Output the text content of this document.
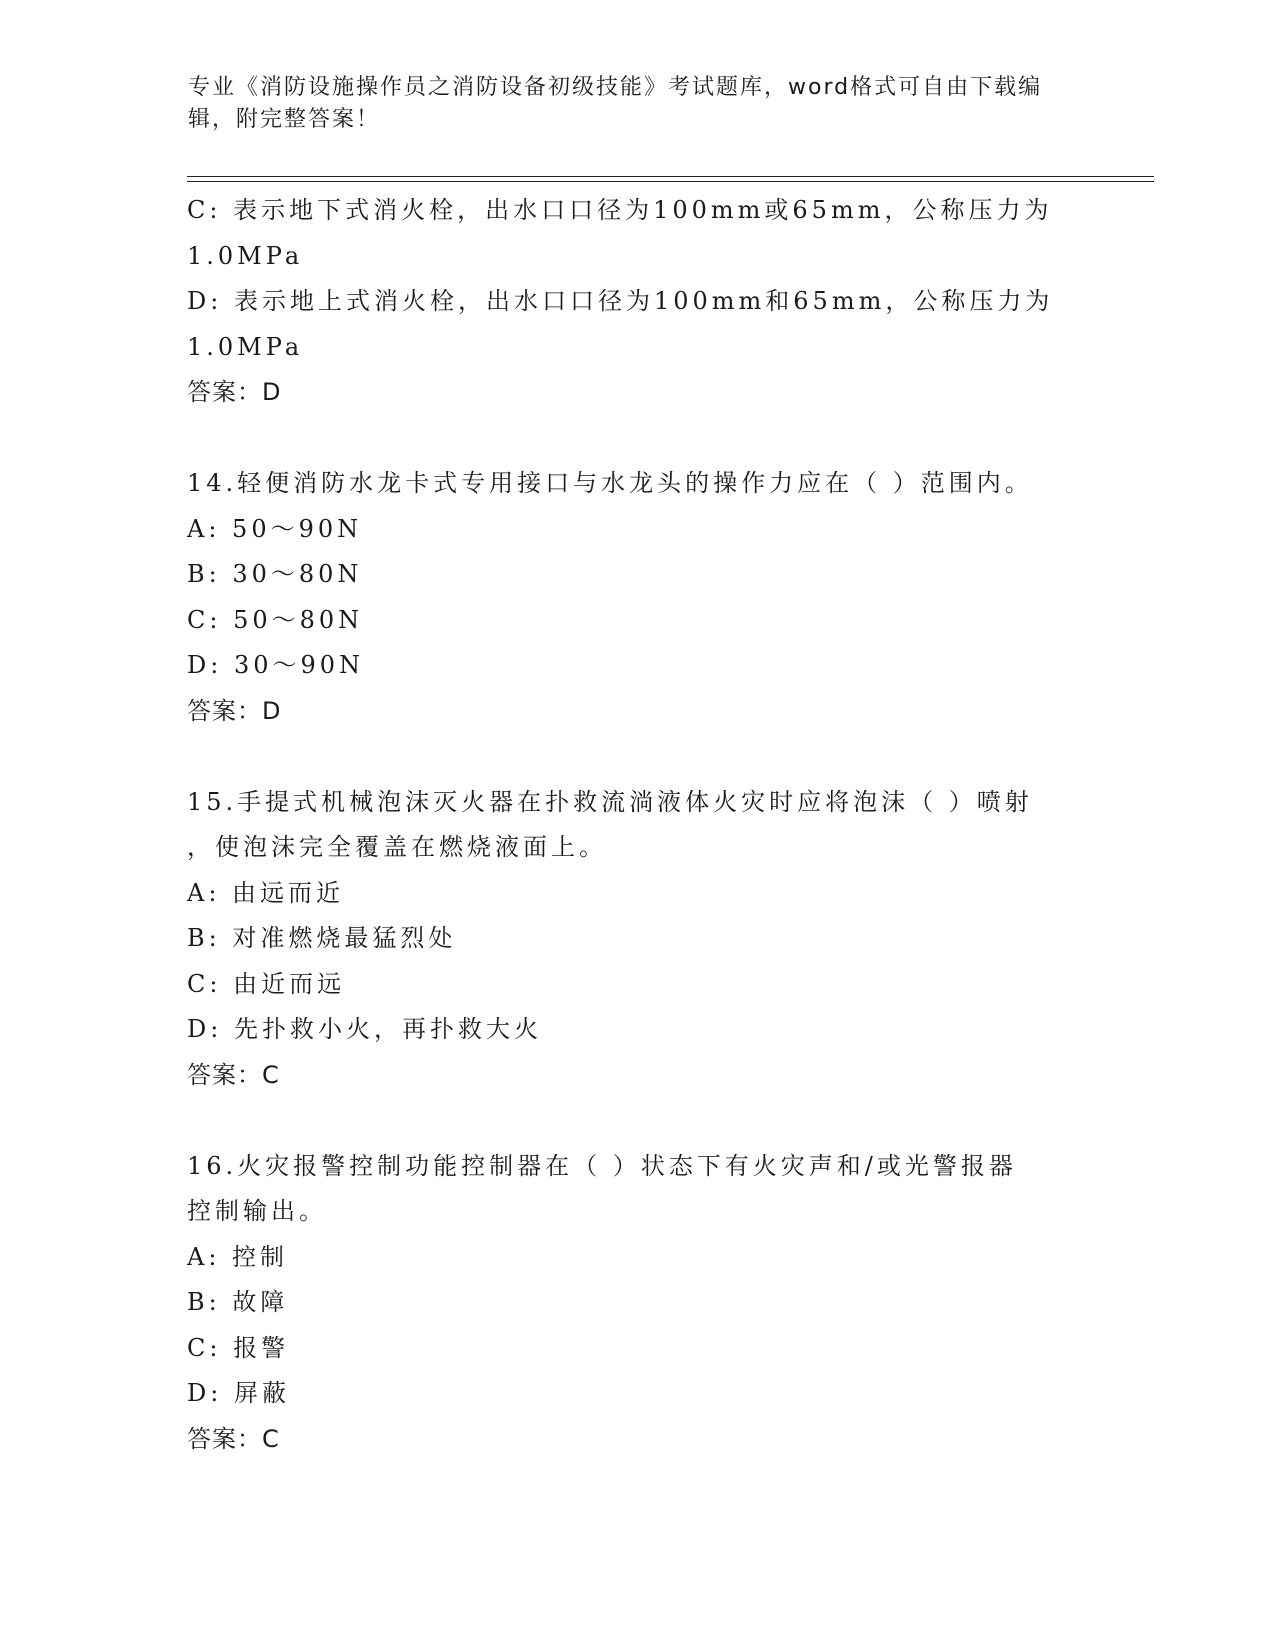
专业《消防设施操作员之消防设备初级技能》考试题库，word格式可自由下载编
辑，附完整答案！
C: 表示地下式消火栓，出水口口径为100mm或65mm，公称压力为
1.0MPa
D: 表示地上式消火栓，出水口口径为100mm和65mm，公称压力为
1.0MPa
答案：D
14.轻便消防水龙卡式专用接口与水龙头的操作力应在（ ）范围内。
A: 50～90N
B: 30～80N
C: 50～80N
D: 30～90N
答案：D
15.手提式机械泡沫灭火器在扑救流淌液体火灾时应将泡沫（ ）喷射
，使泡沫完全覆盖在燃烧液面上。
A: 由远而近
B: 对准燃烧最猛烈处
C: 由近而远
D: 先扑救小火，再扑救大火
答案：C
16.火灾报警控制功能控制器在（ ）状态下有火灾声和/或光警报器
控制输出。
A: 控制
B: 故障
C: 报警
D: 屏蔽
答案：C
